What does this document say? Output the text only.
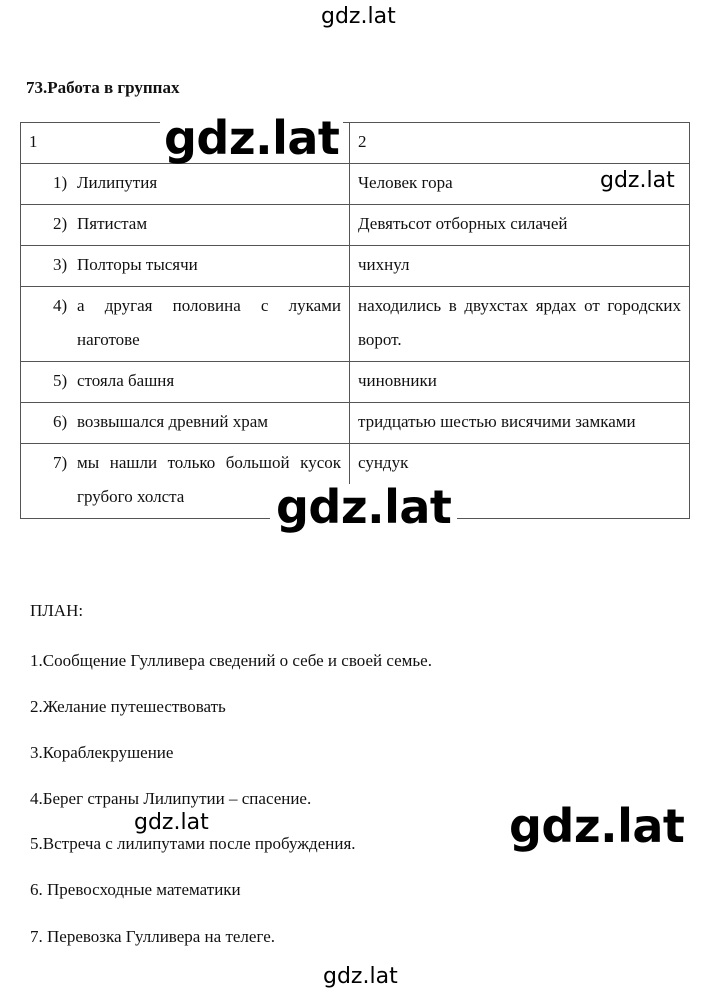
gdz.lat
73.Работа в группах
1	2

1) Лилипутия	Человек гора

2) Пятистам	Девятьсот отборных силачей

3) Полторы тысячи	чихнул

4) а другая половина с луками наготове	находились в двухстах ярдах от городских ворот.

5) стояла башня	чиновники

6) возвышался древний храм	тридцатью шестью висячими замками

7) мы нашли только большой кусок грубого холста	сундук
gdz.lat
gdz.lat
gdz.lat
ПЛАН:
1.Сообщение Гулливера сведений о себе и своей семье.
2.Желание путешествовать
3.Кораблекрушение
4.Берег страны Лилипутии – спасение.
5.Встреча с лилипутами после пробуждения.
6. Превосходные математики
7. Перевозка Гулливера на телеге.
gdz.lat	gdz.lat
gdz.lat
